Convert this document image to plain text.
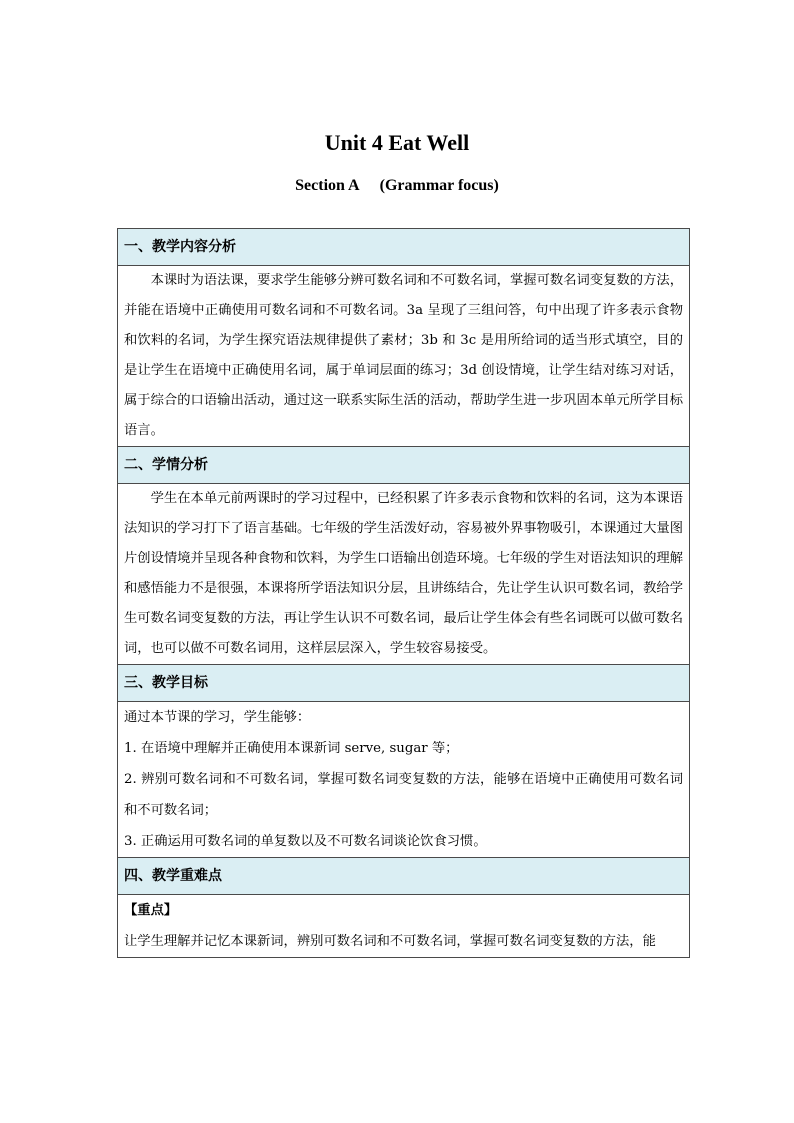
Unit 4 Eat Well
Section A (Grammar focus)
一、教学内容分析

本课时为语法课，要求学生能够分辨可数名词和不可数名词，掌握可数名词变复数的方法，并能在语境中正确使用可数名词和不可数名词。3a 呈现了三组问答，句中出现了许多表示食物和饮料的名词，为学生探究语法规律提供了素材；3b 和 3c 是用所给词的适当形式填空，目的是让学生在语境中正确使用名词，属于单词层面的练习；3d 创设情境，让学生结对练习对话，属于综合的口语输出活动，通过这一联系实际生活的活动，帮助学生进一步巩固本单元所学目标语言。

二、学情分析

学生在本单元前两课时的学习过程中，已经积累了许多表示食物和饮料的名词，这为本课语法知识的学习打下了语言基础。七年级的学生活泼好动，容易被外界事物吸引，本课通过大量图片创设情境并呈现各种食物和饮料，为学生口语输出创造环境。七年级的学生对语法知识的理解和感悟能力不是很强，本课将所学语法知识分层，且讲练结合，先让学生认识可数名词，教给学生可数名词变复数的方法，再让学生认识不可数名词，最后让学生体会有些名词既可以做可数名词，也可以做不可数名词用，这样层层深入，学生较容易接受。

三、教学目标

通过本节课的学习，学生能够：

1. 在语境中理解并正确使用本课新词 serve, sugar 等；

2. 辨别可数名词和不可数名词，掌握可数名词变复数的方法，能够在语境中正确使用可数名词和不可数名词；

3. 正确运用可数名词的单复数以及不可数名词谈论饮食习惯。

四、教学重难点

【重点】

让学生理解并记忆本课新词，辨别可数名词和不可数名词，掌握可数名词变复数的方法，能
